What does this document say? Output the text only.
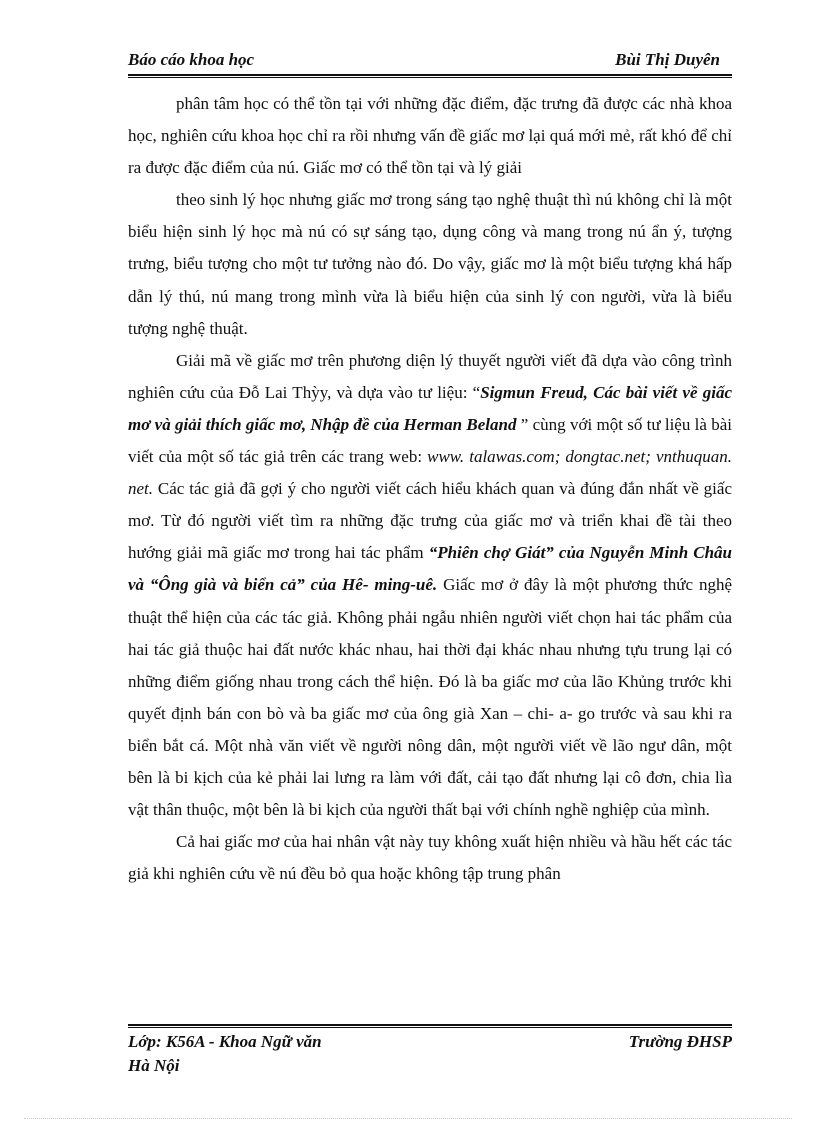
Báo cáo khoa học	Bùi Thị Duyên

phân tâm học có thể tồn tại với những đặc điểm, đặc trưng đã được các nhà khoa học, nghiên cứu khoa học chỉ ra rồi nhưng vấn đề giấc mơ lại quá mới mẻ, rất khó để chỉ ra được đặc điểm của nú. Giấc mơ có thể tồn tại và lý giải

theo sinh lý học nhưng giấc mơ trong sáng tạo nghệ thuật thì nú không chỉ là một biểu hiện sinh lý học mà nú có sự sáng tạo, dụng công và mang trong nú ẩn ý, tượng trưng, biểu tượng cho một tư tưởng nào đó. Do vậy, giấc mơ là một biểu tượng khá hấp dẫn lý thú, nú mang trong mình vừa là biểu hiện của sinh lý con người, vừa là biểu tượng nghệ thuật.

Giải mã về giấc mơ trên phương diện lý thuyết người viết đã dựa vào công trình nghiên cứu của Đỗ Lai Thỳy, và dựa vào tư liệu: “Sigmun Freud, Các bài viết về giấc mơ và giải thích giấc mơ, Nhập đề của Herman Beland ” cùng với một số tư liệu là bài viết của một số tác giả trên các trang web: www. talawas.com; dongtac.net; vnthuquan. net. Các tác giả đã gợi ý cho người viết cách hiểu khách quan và đúng đắn nhất về giấc mơ. Từ đó người viết tìm ra những đặc trưng của giấc mơ và triển khai đề tài theo hướng giải mã giấc mơ trong hai tác phẩm “Phiên chợ Giát” của Nguyễn Minh Châu và “Ông già và biển cả” của Hê- ming-uê. Giấc mơ ở đây là một phương thức nghệ thuật thể hiện của các tác giả. Không phải ngẫu nhiên người viết chọn hai tác phẩm của hai tác giả thuộc hai đất nước khác nhau, hai thời đại khác nhau nhưng tựu trung lại có những điểm giống nhau trong cách thể hiện. Đó là ba giấc mơ của lão Khủng trước khi quyết định bán con bò và ba giấc mơ của ông già Xan – chi- a- go trước và sau khi ra biển bắt cá. Một nhà văn viết về người nông dân, một người viết về lão ngư dân, một bên là bi kịch của kẻ phải lai lưng ra làm với đất, cải tạo đất nhưng lại cô đơn, chia lìa vật thân thuộc, một bên là bi kịch của người thất bại với chính nghề nghiệp của mình.

Cả hai giấc mơ của hai nhân vật này tuy không xuất hiện nhiều và hầu hết các tác giả khi nghiên cứu về nú đều bỏ qua hoặc không tập trung phân

Lớp: K56A - Khoa Ngữ văn	Trường ĐHSP
Hà Nội
